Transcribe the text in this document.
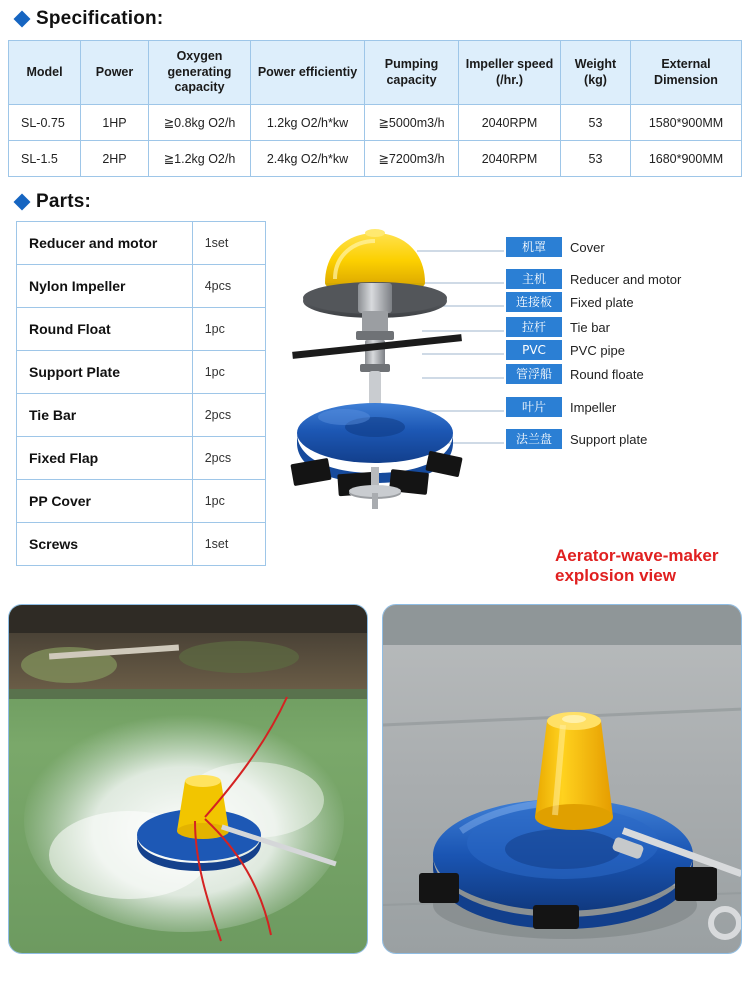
Specification:
Model	Power	Oxygen generating capacity	Power efficientiy	Pumping capacity	Impeller speed (/hr.)	Weight (kg)	External Dimension
SL-0.75	1HP	≧0.8kg O2/h	1.2kg O2/h*kw	≧5000m3/h	2040RPM	53	1580*900MM
SL-1.5	2HP	≧1.2kg O2/h	2.4kg O2/h*kw	≧7200m3/h	2040RPM	53	1680*900MM
Parts:
Reducer and motor	1set
Nylon Impeller	4pcs
Round Float	1pc
Support Plate	1pc
Tie Bar	2pcs
Fixed Flap	2pcs
PP Cover	1pc
Screws	1set
机罩	Cover
主机	Reducer and motor
连接板	Fixed plate
拉杆	Tie bar
PVC	PVC pipe
管浮船	Round floate
叶片	Impeller
法兰盘	Support plate
Aerator-wave-maker explosion view
